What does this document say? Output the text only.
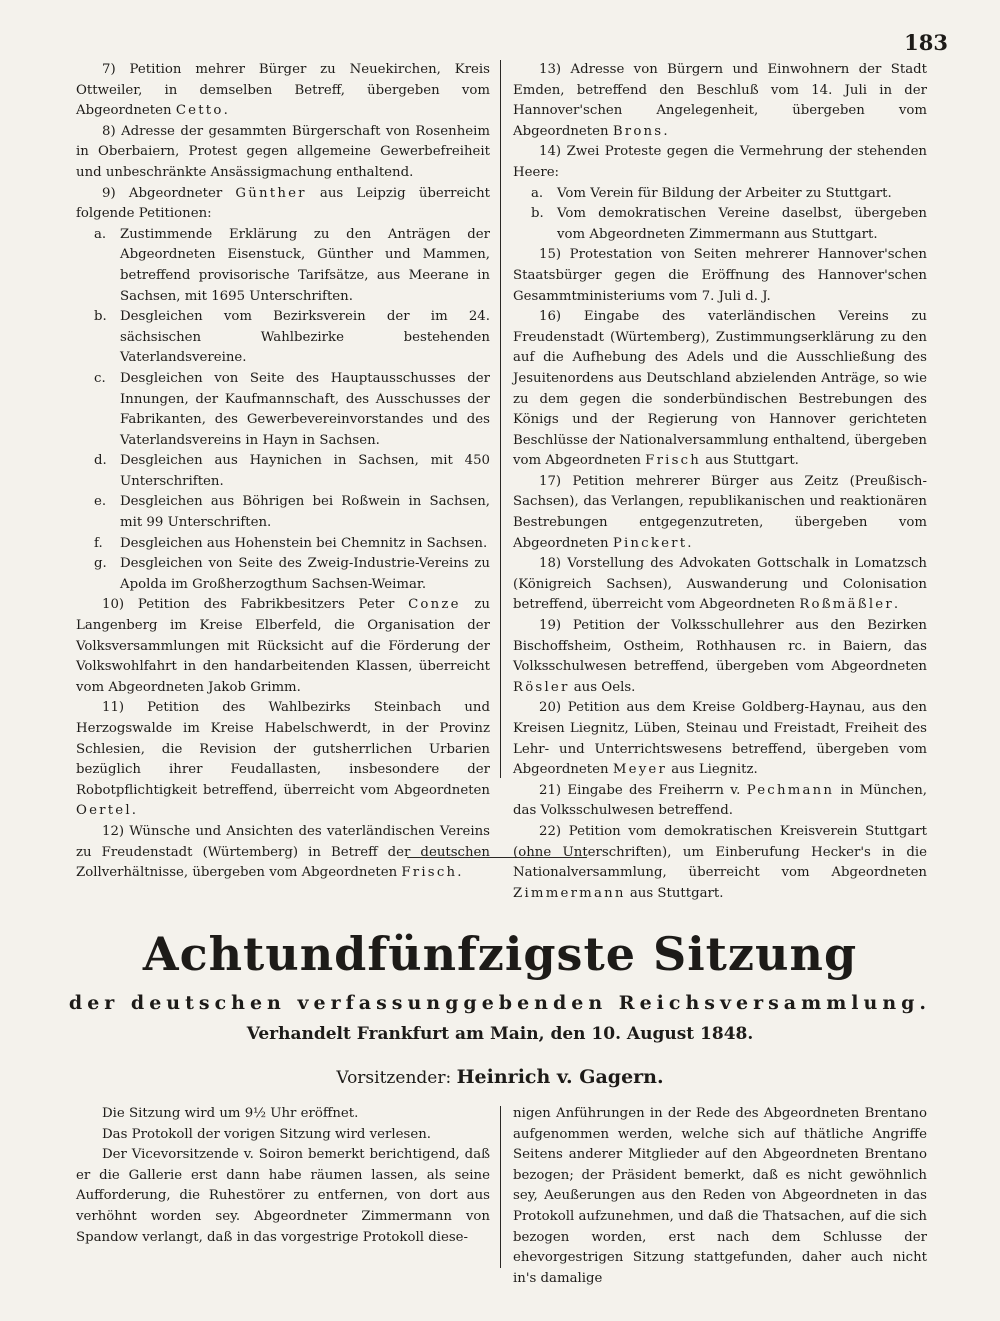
183

7) Petition mehrer Bürger zu Neuekirchen, Kreis Ottweiler, in demselben Betreff, übergeben vom Abgeordneten Cetto.

8) Adresse der gesammten Bürgerschaft von Rosenheim in Oberbaiern, Protest gegen allgemeine Gewerbefreiheit und unbeschränkte Ansässigmachung enthaltend.

9) Abgeordneter Günther aus Leipzig überreicht folgende Petitionen:

a. Zustimmende Erklärung zu den Anträgen der Abgeordneten Eisenstuck, Günther und Mammen, betreffend provisorische Tarifsätze, aus Meerane in Sachsen, mit 1695 Unterschriften.
b. Desgleichen vom Bezirksverein der im 24. sächsischen Wahlbezirke bestehenden Vaterlandsvereine.
c. Desgleichen von Seite des Hauptausschusses der Innungen, der Kaufmannschaft, des Ausschusses der Fabrikanten, des Gewerbevereinvorstandes und des Vaterlandsvereins in Hayn in Sachsen.
d. Desgleichen aus Haynichen in Sachsen, mit 450 Unterschriften.
e. Desgleichen aus Böhrigen bei Roßwein in Sachsen, mit 99 Unterschriften.
f. Desgleichen aus Hohenstein bei Chemnitz in Sachsen.
g. Desgleichen von Seite des Zweig-Industrie-Vereins zu Apolda im Großherzogthum Sachsen-Weimar.

10) Petition des Fabrikbesitzers Peter Conze zu Langenberg im Kreise Elberfeld, die Organisation der Volksversammlungen mit Rücksicht auf die Förderung der Volkswohlfahrt in den handarbeitenden Klassen, überreicht vom Abgeordneten Jakob Grimm.

11) Petition des Wahlbezirks Steinbach und Herzogswalde im Kreise Habelschwerdt, in der Provinz Schlesien, die Revision der gutsherrlichen Urbarien bezüglich ihrer Feudallasten, insbesondere der Robotpflichtigkeit betreffend, überreicht vom Abgeordneten Oertel.

12) Wünsche und Ansichten des vaterländischen Vereins zu Freudenstadt (Würtemberg) in Betreff der deutschen Zollverhältnisse, übergeben vom Abgeordneten Frisch.

13) Adresse von Bürgern und Einwohnern der Stadt Emden, betreffend den Beschluß vom 14. Juli in der Hannover'schen Angelegenheit, übergeben vom Abgeordneten Brons.

14) Zwei Proteste gegen die Vermehrung der stehenden Heere:

a. Vom Verein für Bildung der Arbeiter zu Stuttgart.
b. Vom demokratischen Vereine daselbst, übergeben vom Abgeordneten Zimmermann aus Stuttgart.

15) Protestation von Seiten mehrerer Hannover'schen Staatsbürger gegen die Eröffnung des Hannover'schen Gesammtministeriums vom 7. Juli d. J.

16) Eingabe des vaterländischen Vereins zu Freudenstadt (Würtemberg), Zustimmungserklärung zu den auf die Aufhebung des Adels und die Ausschließung des Jesuitenordens aus Deutschland abzielenden Anträge, so wie zu dem gegen die sonderbündischen Bestrebungen des Königs und der Regierung von Hannover gerichteten Beschlüsse der Nationalversammlung enthaltend, übergeben vom Abgeordneten Frisch aus Stuttgart.

17) Petition mehrerer Bürger aus Zeitz (Preußisch-Sachsen), das Verlangen, republikanischen und reaktionären Bestrebungen entgegenzutreten, übergeben vom Abgeordneten Pinckert.

18) Vorstellung des Advokaten Gottschalk in Lomatzsch (Königreich Sachsen), Auswanderung und Colonisation betreffend, überreicht vom Abgeordneten Roßmäßler.

19) Petition der Volksschullehrer aus den Bezirken Bischoffsheim, Ostheim, Rothhausen rc. in Baiern, das Volksschulwesen betreffend, übergeben vom Abgeordneten Rösler aus Oels.

20) Petition aus dem Kreise Goldberg-Haynau, aus den Kreisen Liegnitz, Lüben, Steinau und Freistadt, Freiheit des Lehr- und Unterrichtswesens betreffend, übergeben vom Abgeordneten Meyer aus Liegnitz.

21) Eingabe des Freiherrn v. Pechmann in München, das Volksschulwesen betreffend.

22) Petition vom demokratischen Kreisverein Stuttgart (ohne Unterschriften), um Einberufung Hecker's in die Nationalversammlung, überreicht vom Abgeordneten Zimmermann aus Stuttgart.

Achtundfünfzigste Sitzung
der deutschen verfassunggebenden Reichsversammlung.
Verhandelt Frankfurt am Main, den 10. August 1848.
Vorsitzender: Heinrich v. Gagern.

Die Sitzung wird um 9½ Uhr eröffnet.

Das Protokoll der vorigen Sitzung wird verlesen.

Der Vicevorsitzende v. Soiron bemerkt berichtigend, daß er die Gallerie erst dann habe räumen lassen, als seine Aufforderung, die Ruhestörer zu entfernen, von dort aus verhöhnt worden sey. Abgeordneter Zimmermann von Spandow verlangt, daß in das vorgestrige Protokoll diese-

nigen Anführungen in der Rede des Abgeordneten Brentano aufgenommen werden, welche sich auf thätliche Angriffe Seitens anderer Mitglieder auf den Abgeordneten Brentano bezogen; der Präsident bemerkt, daß es nicht gewöhnlich sey, Aeußerungen aus den Reden von Abgeordneten in das Protokoll aufzunehmen, und daß die Thatsachen, auf die sich bezogen worden, erst nach dem Schlusse der ehevorgestrigen Sitzung stattgefunden, daher auch nicht in's damalige
